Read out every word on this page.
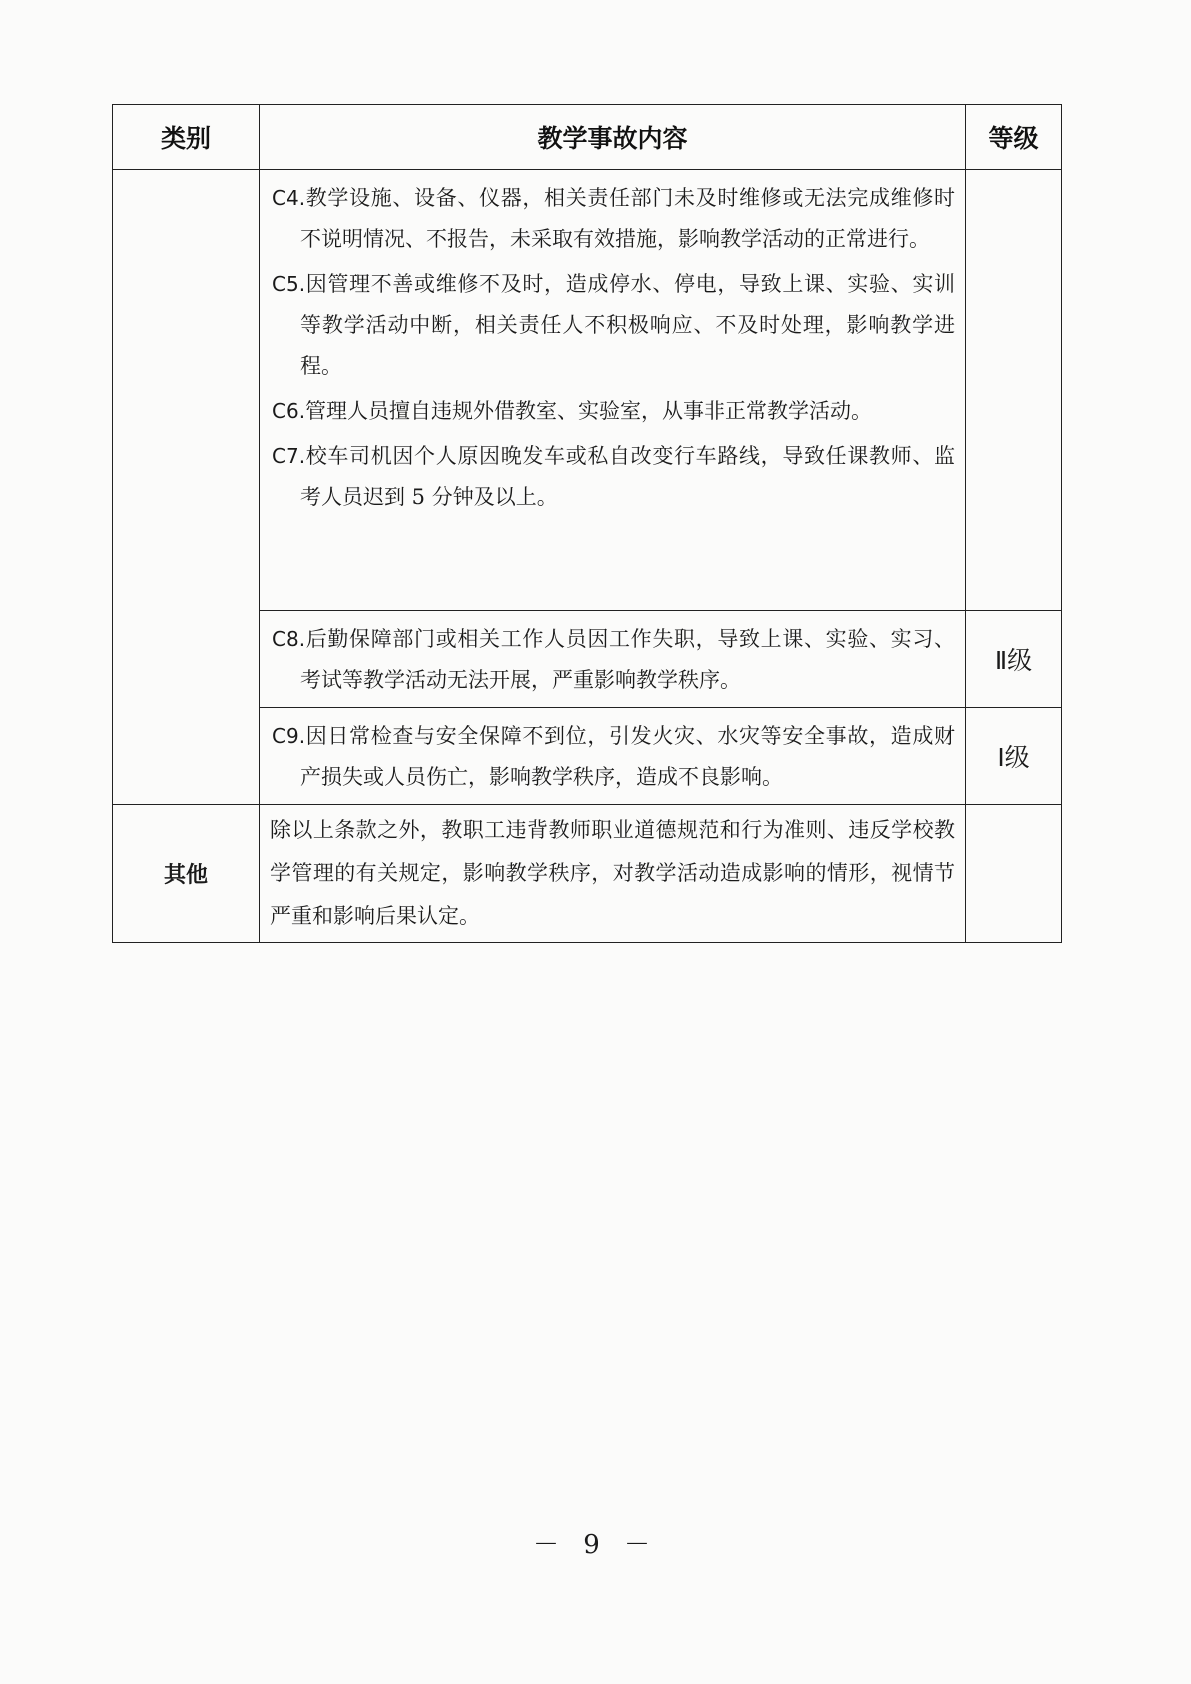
类别	教学事故内容	等级

	C4.教学设施、设备、仪器，相关责任部门未及时维修或无法完成维修时不说明情况、不报告，未采取有效措施，影响教学活动的正常进行。

C5.因管理不善或维修不及时，造成停水、停电，导致上课、实验、实训等教学活动中断，相关责任人不积极响应、不及时处理，影响教学进程。

C6.管理人员擅自违规外借教室、实验室，从事非正常教学活动。

C7.校车司机因个人原因晚发车或私自改变行车路线，导致任课教师、监考人员迟到 5 分钟及以上。	

	C8.后勤保障部门或相关工作人员因工作失职，导致上课、实验、实习、考试等教学活动无法开展，严重影响教学秩序。	Ⅱ级

	C9.因日常检查与安全保障不到位，引发火灾、水灾等安全事故，造成财产损失或人员伤亡，影响教学秩序，造成不良影响。	Ⅰ级
其他	除以上条款之外，教职工违背教师职业道德规范和行为准则、违反学校教学管理的有关规定，影响教学秩序，对教学活动造成影响的情形，视情节严重和影响后果认定。	

－ 9 －
